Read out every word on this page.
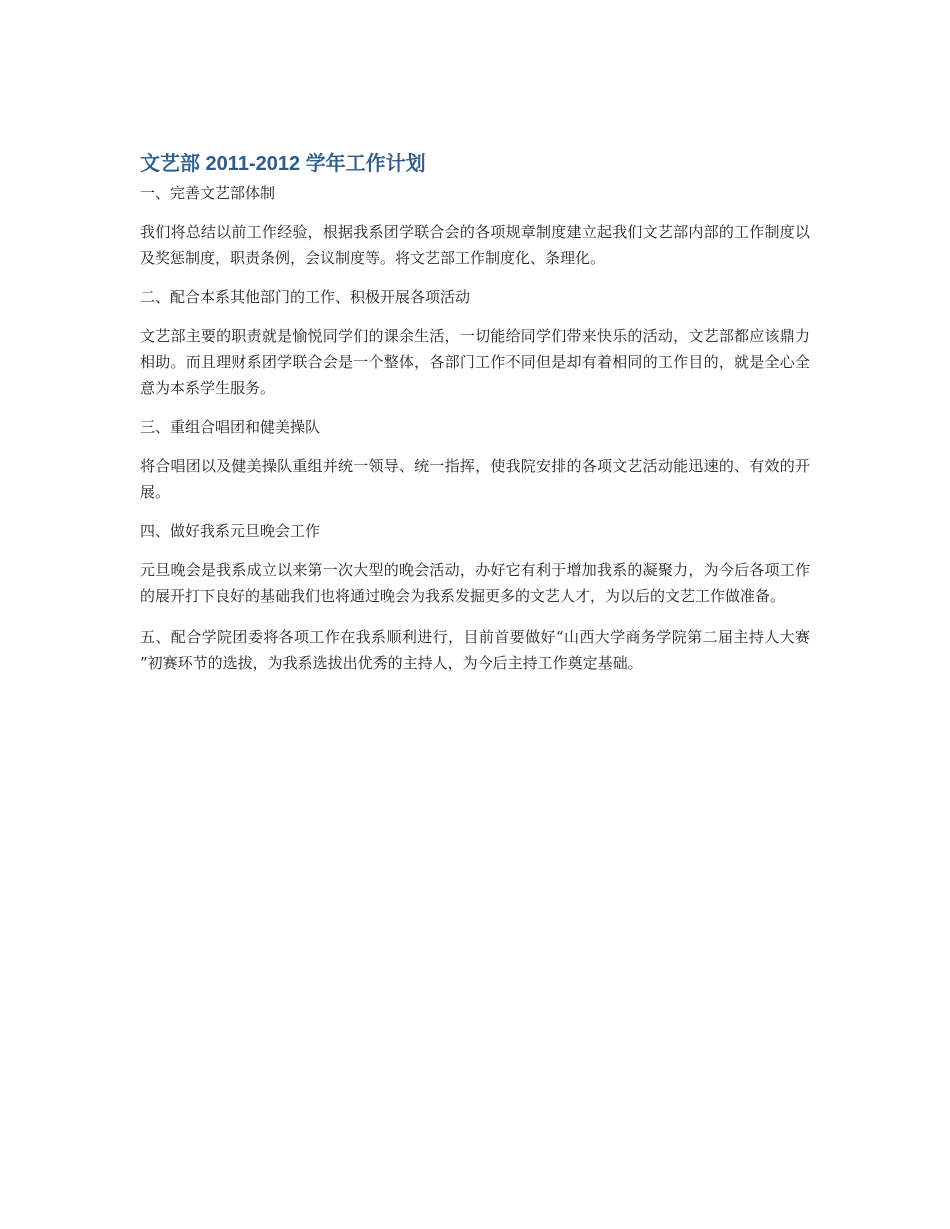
文艺部 2011-2012 学年工作计划

一、完善文艺部体制

我们将总结以前工作经验，根据我系团学联合会的各项规章制度建立起我们文艺部内部的工作制度以及奖惩制度，职责条例，会议制度等。将文艺部工作制度化、条理化。

二、配合本系其他部门的工作、积极开展各项活动

文艺部主要的职责就是愉悦同学们的课余生活，一切能给同学们带来快乐的活动，文艺部都应该鼎力相助。而且理财系团学联合会是一个整体，各部门工作不同但是却有着相同的工作目的，就是全心全意为本系学生服务。

三、重组合唱团和健美操队

将合唱团以及健美操队重组并统一领导、统一指挥，使我院安排的各项文艺活动能迅速的、有效的开展。

四、做好我系元旦晚会工作

元旦晚会是我系成立以来第一次大型的晚会活动，办好它有利于增加我系的凝聚力，为今后各项工作的展开打下良好的基础我们也将通过晚会为我系发掘更多的文艺人才，为以后的文艺工作做准备。

五、配合学院团委将各项工作在我系顺利进行，目前首要做好“山西大学商务学院第二届主持人大赛 ”初赛环节的选拔，为我系选拔出优秀的主持人，为今后主持工作奠定基础。
